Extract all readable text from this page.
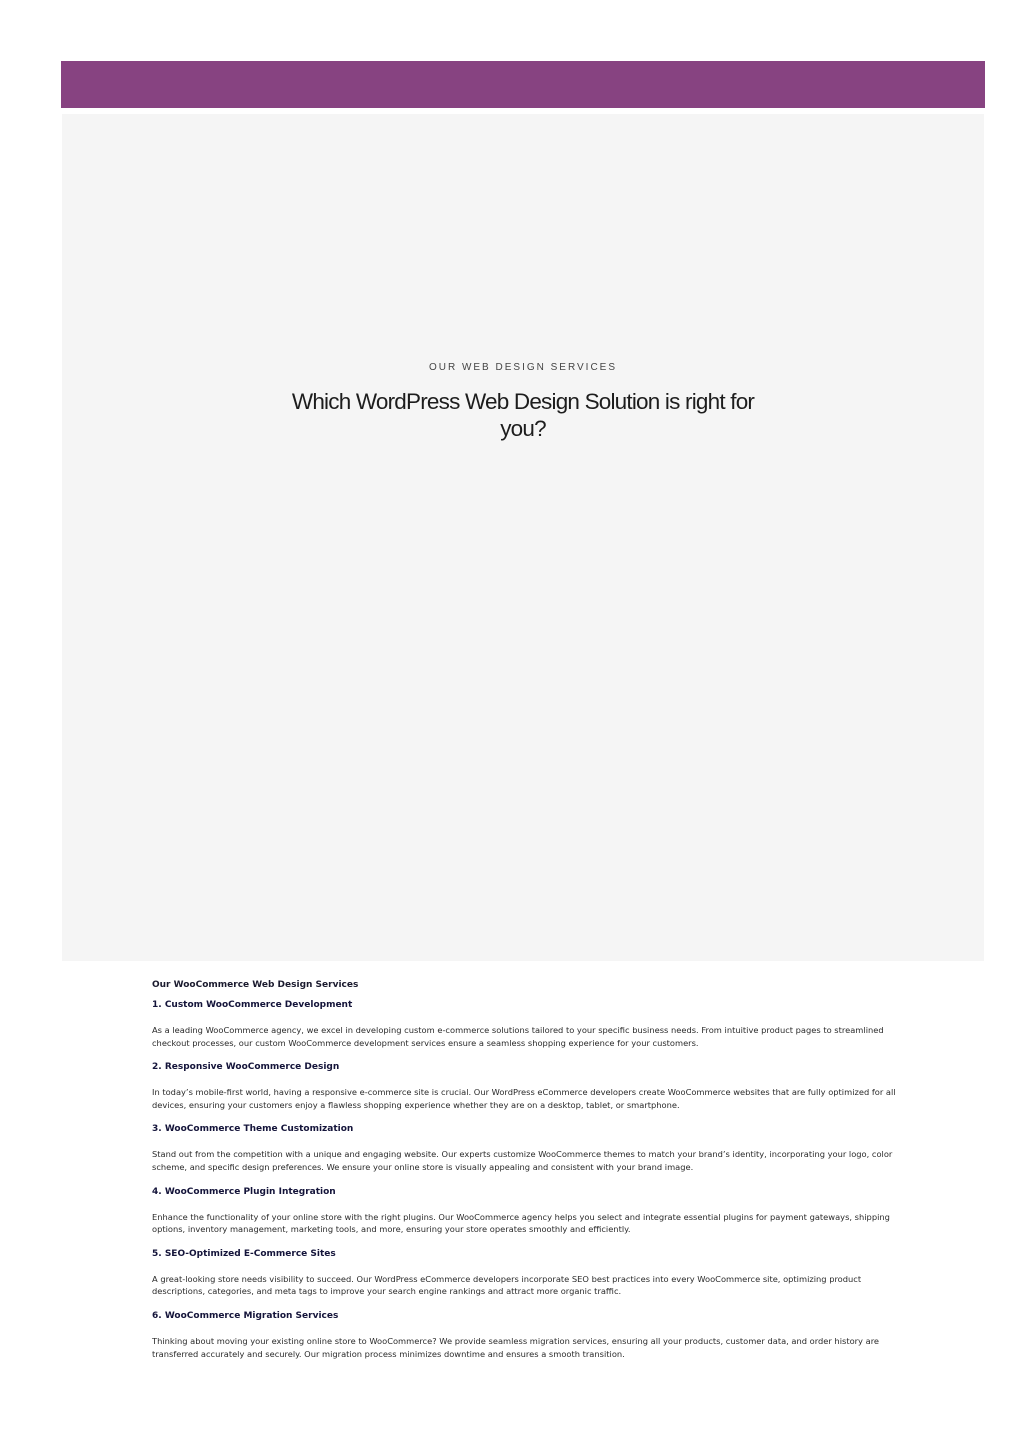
OUR WEB DESIGN SERVICES
Which WordPress Web Design Solution is right for you?
Our WooCommerce Web Design Services
1. Custom WooCommerce Development

As a leading WooCommerce agency, we excel in developing custom e-commerce solutions tailored to your specific business needs. From intuitive product pages to streamlined checkout processes, our custom WooCommerce development services ensure a seamless shopping experience for your customers.

2. Responsive WooCommerce Design

In today’s mobile-first world, having a responsive e-commerce site is crucial. Our WordPress eCommerce developers create WooCommerce websites that are fully optimized for all devices, ensuring your customers enjoy a flawless shopping experience whether they are on a desktop, tablet, or smartphone.

3. WooCommerce Theme Customization

Stand out from the competition with a unique and engaging website. Our experts customize WooCommerce themes to match your brand’s identity, incorporating your logo, color scheme, and specific design preferences. We ensure your online store is visually appealing and consistent with your brand image.

4. WooCommerce Plugin Integration

Enhance the functionality of your online store with the right plugins. Our WooCommerce agency helps you select and integrate essential plugins for payment gateways, shipping options, inventory management, marketing tools, and more, ensuring your store operates smoothly and efficiently.

5. SEO-Optimized E-Commerce Sites

A great-looking store needs visibility to succeed. Our WordPress eCommerce developers incorporate SEO best practices into every WooCommerce site, optimizing product descriptions, categories, and meta tags to improve your search engine rankings and attract more organic traffic.

6. WooCommerce Migration Services

Thinking about moving your existing online store to WooCommerce? We provide seamless migration services, ensuring all your products, customer data, and order history are transferred accurately and securely. Our migration process minimizes downtime and ensures a smooth transition.
